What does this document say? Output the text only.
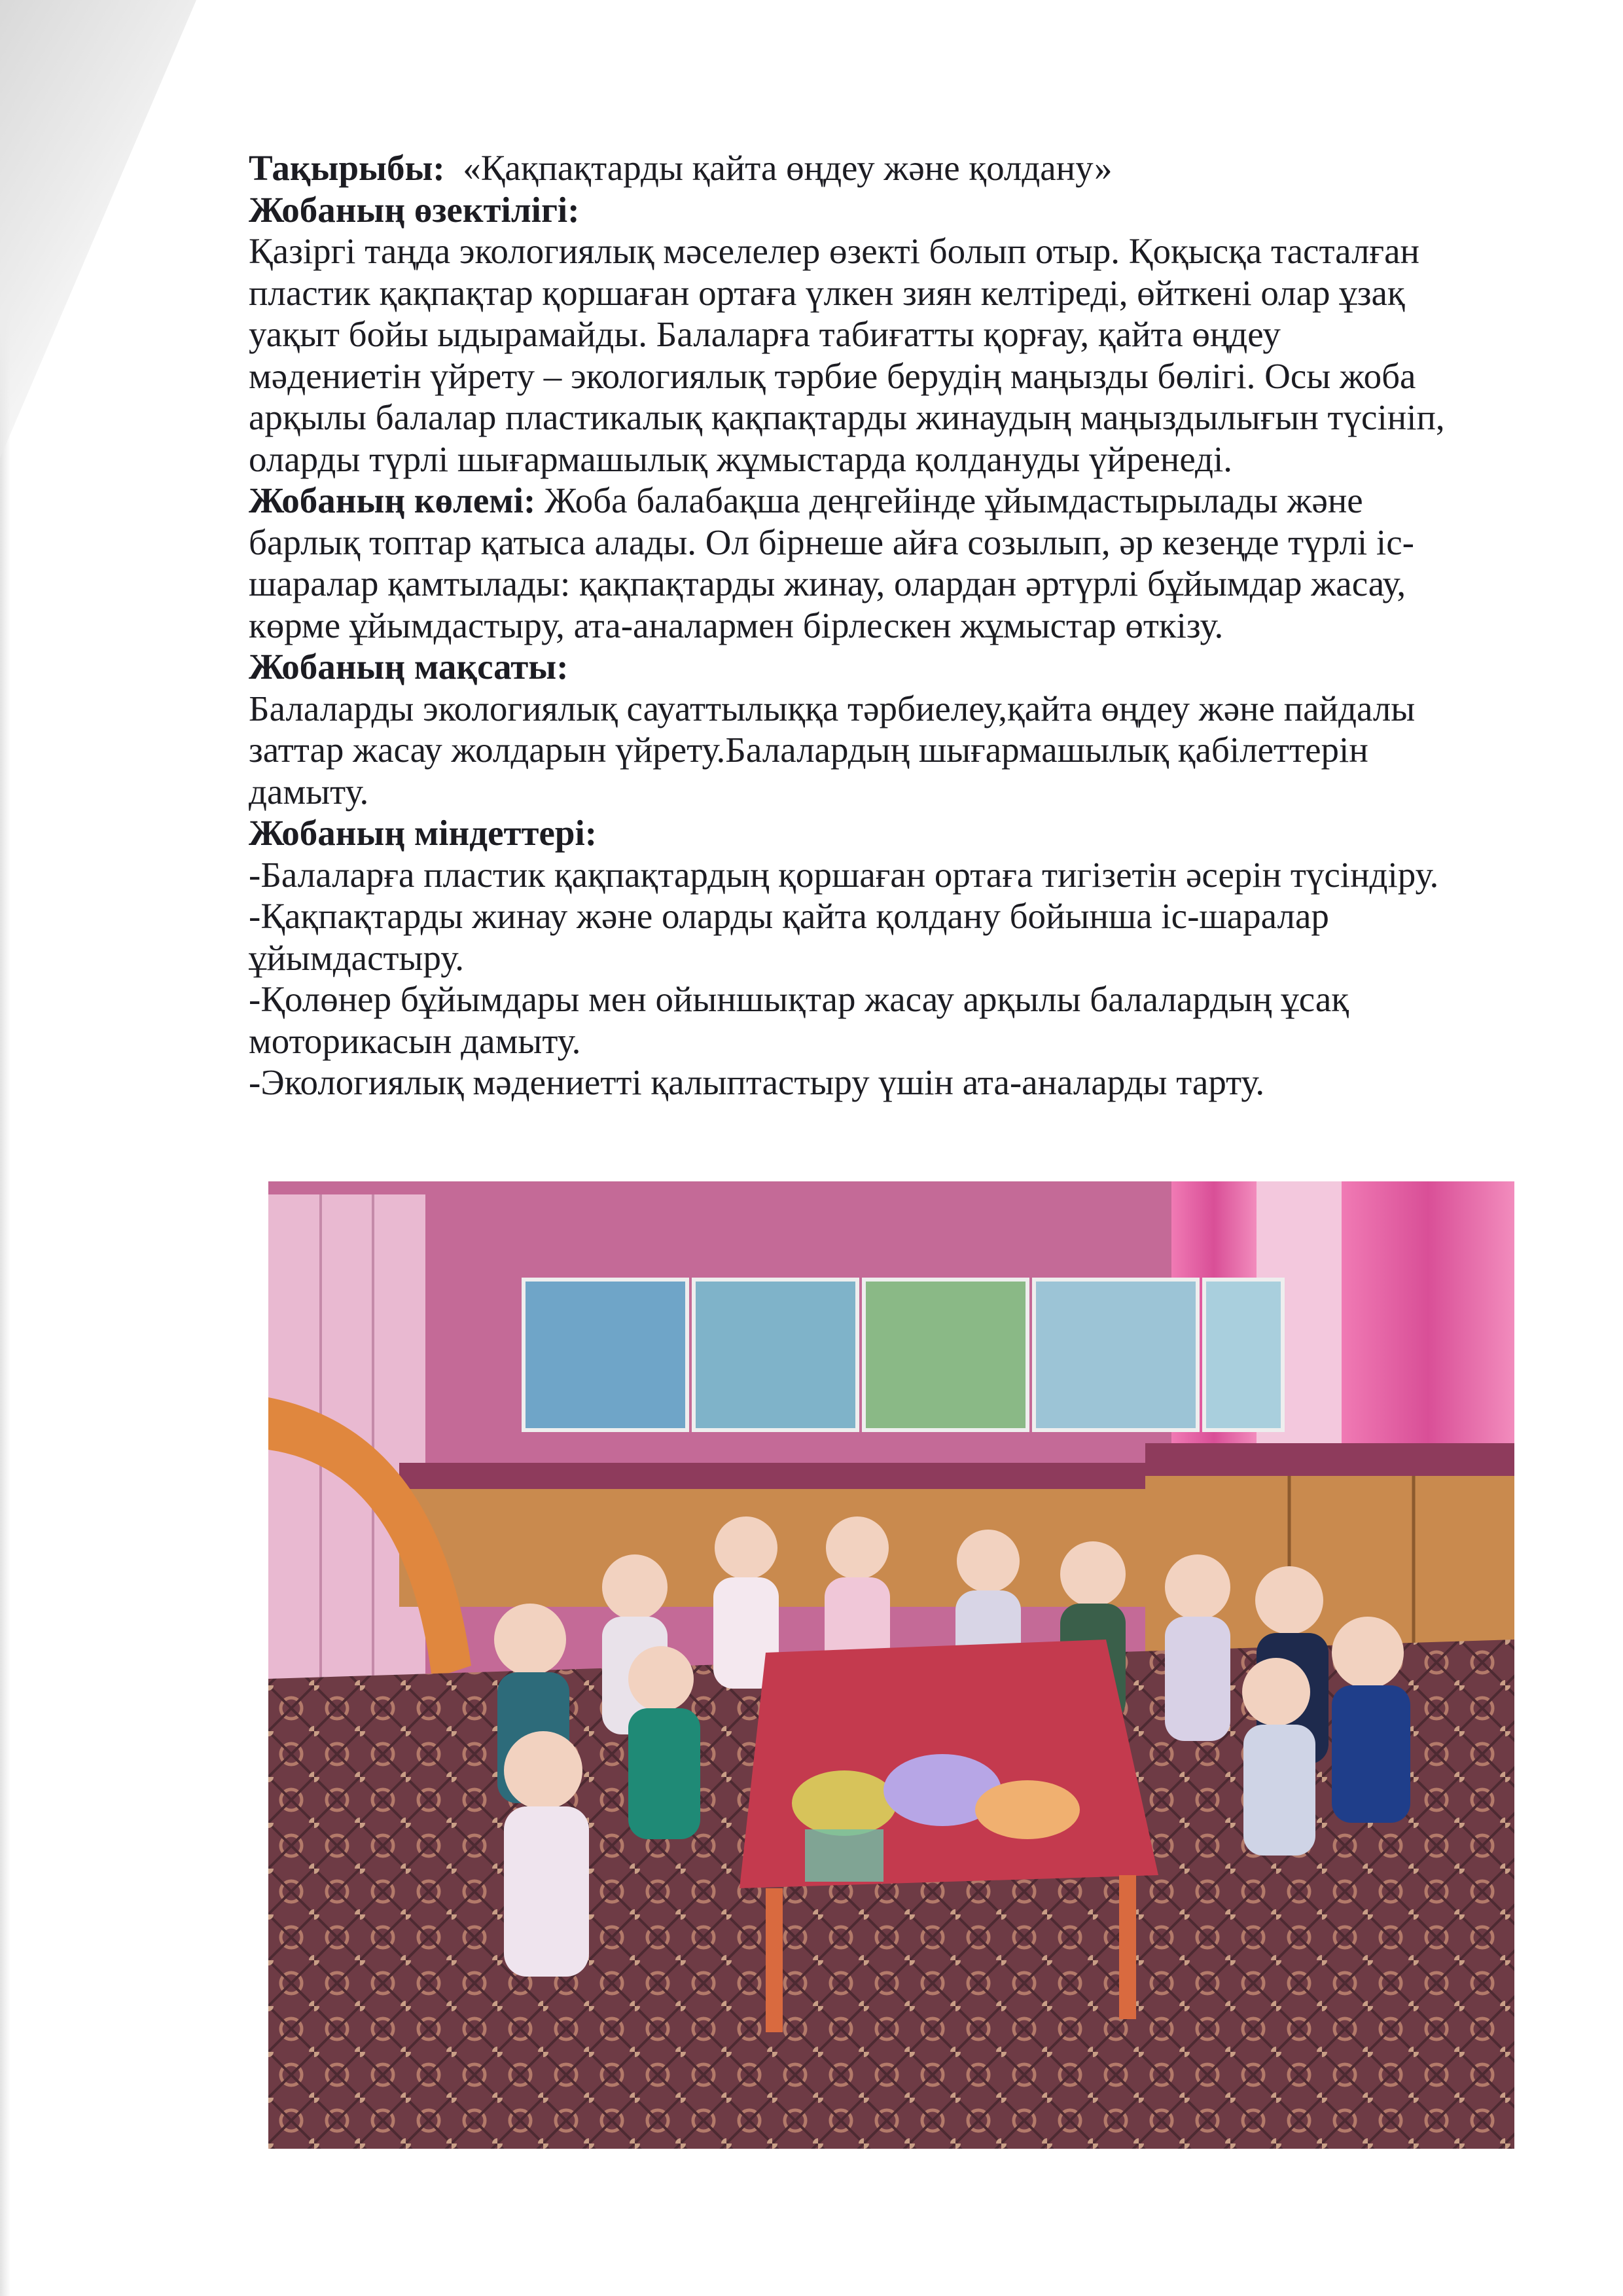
Тақырыбы: «Қақпақтарды қайта өңдеу және қолдану»

Жобаның өзектілігі:

Қазіргі таңда экологиялық мәселелер өзекті болып отыр. Қоқысқа тасталған

пластик қақпақтар қоршаған ортаға үлкен зиян келтіреді, өйткені олар ұзақ

уақыт бойы ыдырамайды. Балаларға табиғатты қорғау, қайта өңдеу

мәдениетін үйрету – экологиялық тәрбие берудің маңызды бөлігі. Осы жоба

арқылы балалар пластикалық қақпақтарды жинаудың маңыздылығын түсініп,

оларды түрлі шығармашылық жұмыстарда қолдануды үйренеді.

Жобаның көлемі: Жоба балабақша деңгейінде ұйымдастырылады және

барлық топтар қатыса алады. Ол бірнеше айға созылып, әр кезеңде түрлі іс-

шаралар қамтылады: қақпақтарды жинау, олардан әртүрлі бұйымдар жасау,

көрме ұйымдастыру, ата-аналармен бірлескен жұмыстар өткізу.

Жобаның мақсаты:

Балаларды экологиялық сауаттылыққа тәрбиелеу,қайта өңдеу және пайдалы

заттар жасау жолдарын үйрету.Балалардың шығармашылық қабілеттерін

дамыту.

Жобаның міндеттері:

-Балаларға пластик қақпақтардың қоршаған ортаға тигізетін әсерін түсіндіру.

-Қақпақтарды жинау және оларды қайта қолдану бойынша іс-шаралар

ұйымдастыру.

-Қолөнер бұйымдары мен ойыншықтар жасау арқылы балалардың ұсақ

моторикасын дамыту.

-Экологиялық мәдениетті қалыптастыру үшін ата-аналарды тарту.
